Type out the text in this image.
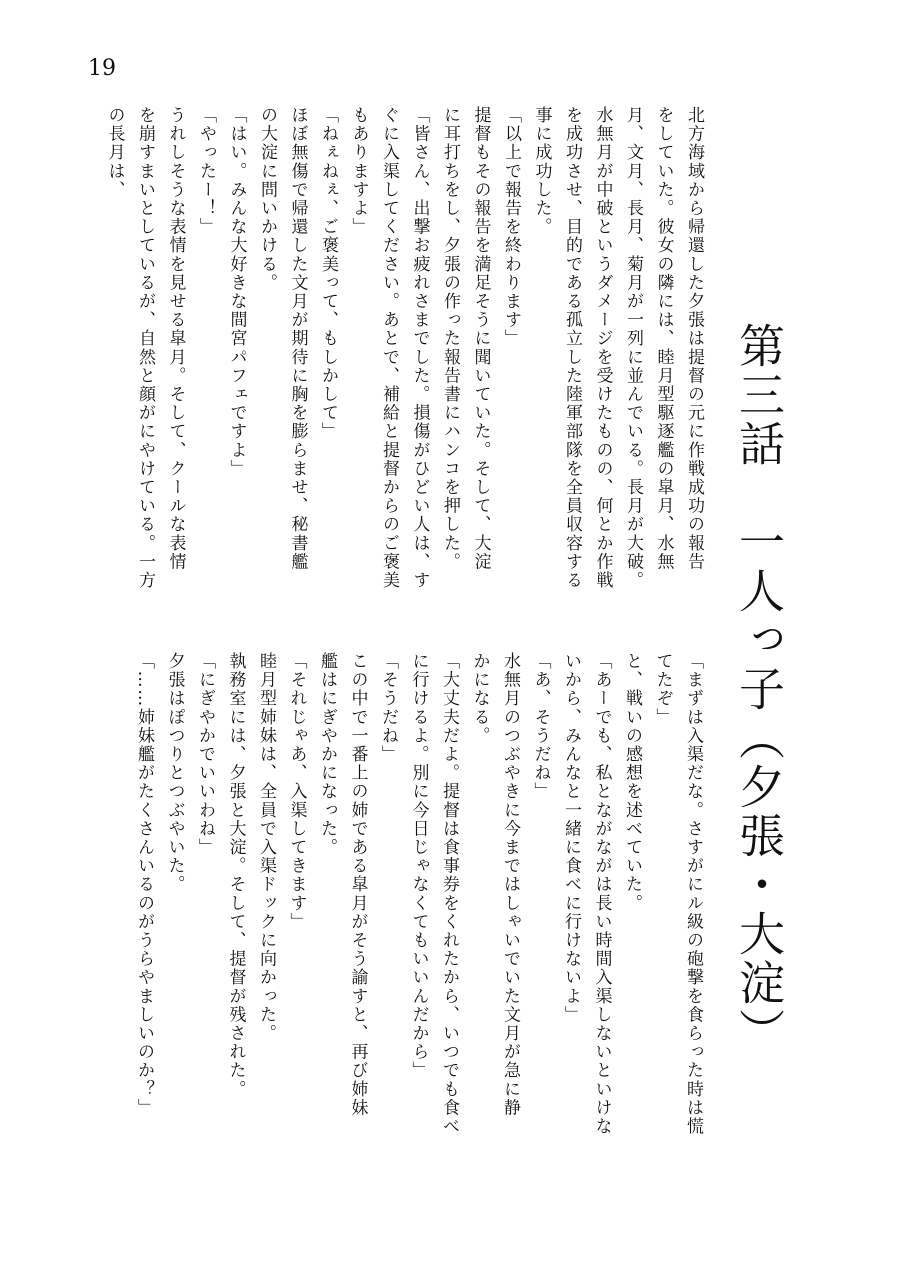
19
第三話　一人っ子（夕張・大淀）
北方海域から帰還した夕張は提督の元に作戦成功の報告
をしていた。彼女の隣には、睦月型駆逐艦の皐月、水無
月、文月、長月、菊月が一列に並んでいる。長月が大破。
水無月が中破というダメージを受けたものの、何とか作戦
を成功させ、目的である孤立した陸軍部隊を全員収容する
事に成功した。
「以上で報告を終わります」
提督もその報告を満足そうに聞いていた。そして、大淀
に耳打ちをし、夕張の作った報告書にハンコを押した。
「皆さん、出撃お疲れさまでした。損傷がひどい人は、す
ぐに入渠してください。あとで、補給と提督からのご褒美
もありますよ」
「ねぇねぇ、ご褒美って、もしかして」
ほぼ無傷で帰還した文月が期待に胸を膨らませ、秘書艦
の大淀に問いかける。
「はい。みんな大好きな間宮パフェですよ」
「やったー！」
うれしそうな表情を見せる皐月。そして、クールな表情
を崩すまいとしているが、自然と顔がにやけている。一方
の長月は、
「まずは入渠だな。さすがにル級の砲撃を食らった時は慌
てたぞ」
と、戦いの感想を述べていた。
「あーでも、私とながながは長い時間入渠しないといけな
いから、みんなと一緒に食べに行けないよ」
「あ、そうだね」
水無月のつぶやきに今まではしゃいでいた文月が急に静
かになる。
「大丈夫だよ。提督は食事券をくれたから、いつでも食べ
に行けるよ。別に今日じゃなくてもいいんだから」
「そうだね」
この中で一番上の姉である皐月がそう諭すと、再び姉妹
艦はにぎやかになった。
「それじゃあ、入渠してきます」
睦月型姉妹は、全員で入渠ドックに向かった。
執務室には、夕張と大淀。そして、提督が残された。
「にぎやかでいいわね」
夕張はぽつりとつぶやいた。
「……姉妹艦がたくさんいるのがうらやましいのか？」
